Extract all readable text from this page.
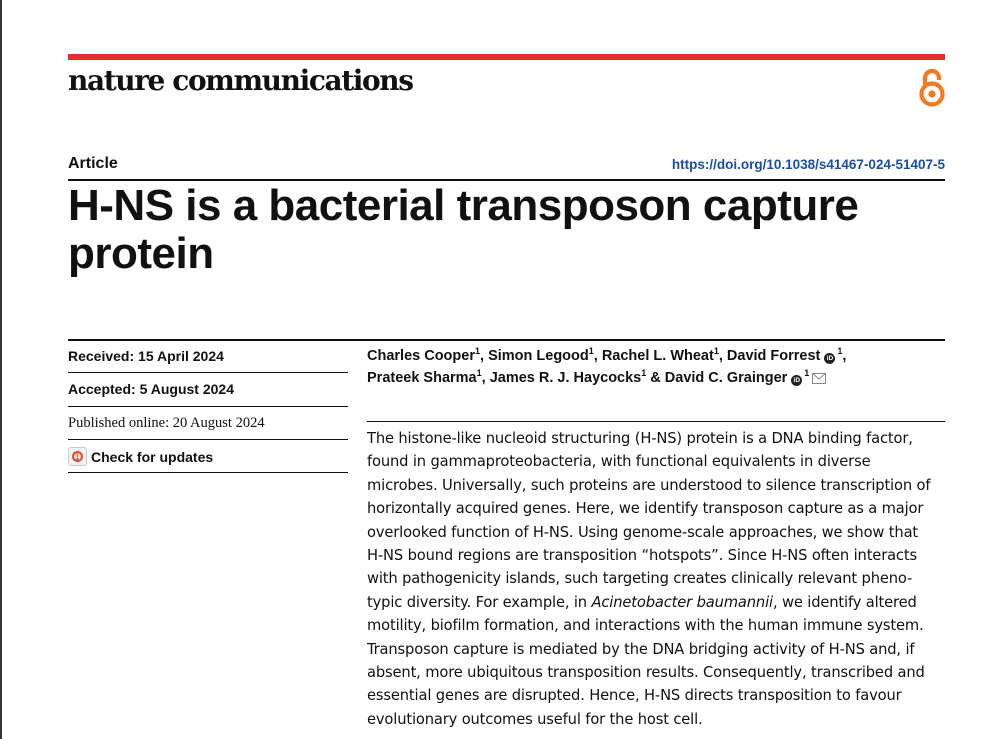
nature communications
Article	https://doi.org/10.1038/s41467-024-51407-5
H-NS is a bacterial transposon capture protein
Received: 15 April 2024
Accepted: 5 August 2024
Published online: 20 August 2024
Check for updates
Charles Cooper$^1$, Simon Legood$^1$, Rachel L. Wheat$^1$, David Forrest $iD^1$,
Prateek Sharma$^1$, James R. J. Haycocks$^1$ & David C. Grainger $iD^1$

The histone-like nucleoid structuring (H-NS) protein is a DNA binding factor,
found in gammaproteobacteria, with functional equivalents in diverse
microbes. Universally, such proteins are understood to silence transcription of
horizontally acquired genes. Here, we identify transposon capture as a major
overlooked function of H-NS. Using genome-scale approaches, we show that
H-NS bound regions are transposition “hotspots”. Since H-NS often interacts
with pathogenicity islands, such targeting creates clinically relevant pheno-
typic diversity. For example, in Acinetobacter baumannii, we identify altered
motility, biofilm formation, and interactions with the human immune system.
Transposon capture is mediated by the DNA bridging activity of H-NS and, if
absent, more ubiquitous transposition results. Consequently, transcribed and
essential genes are disrupted. Hence, H-NS directs transposition to favour
evolutionary outcomes useful for the host cell.
